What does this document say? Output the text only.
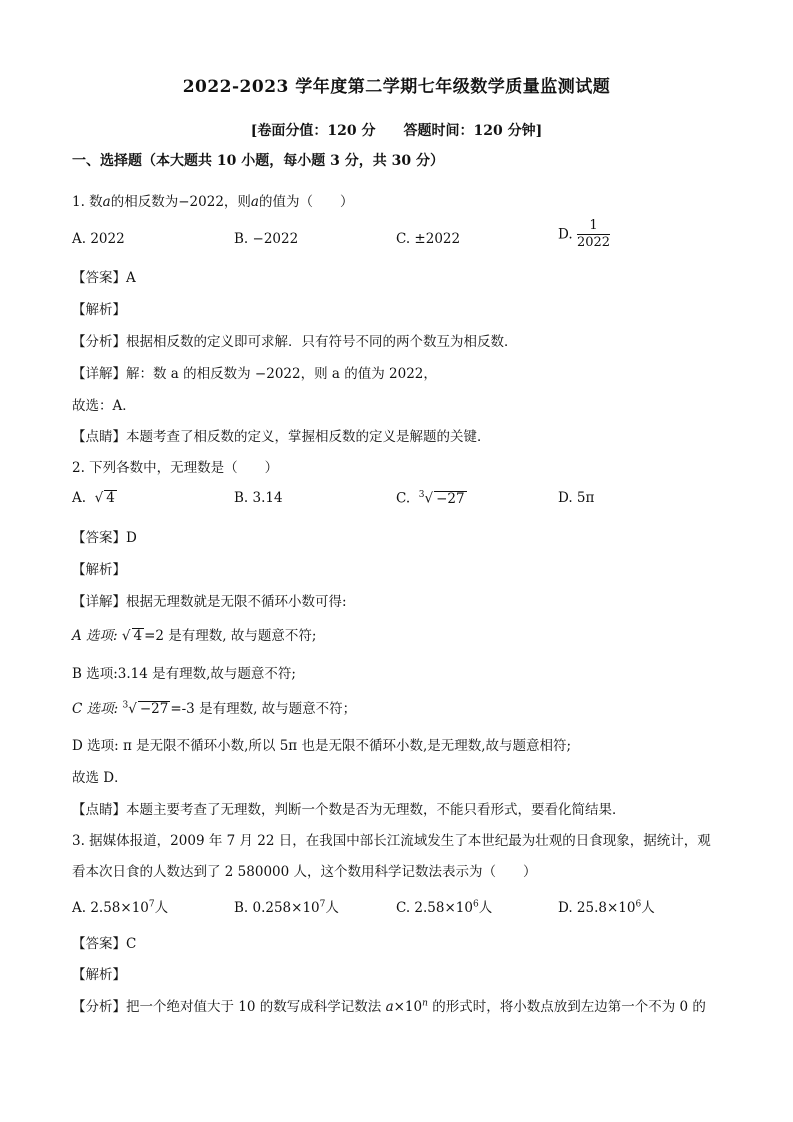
2022-2023 学年度第二学期七年级数学质量监测试题
[卷面分值：120 分　　答题时间：120 分钟]
一、选择题（本大题共 10 小题，每小题 3 分，共 30 分）
1. 数a的相反数为−2022，则a的值为（　　）
A. 2022	B. −2022	C. ±2022	D. $\frac{1}{2022}$
【答案】A
【解析】
【分析】根据相反数的定义即可求解．只有符号不同的两个数互为相反数．
【详解】解：数 a 的相反数为 −2022，则 a 的值为 2022，
故选：A．
【点睛】本题考查了相反数的定义，掌握相反数的定义是解题的关键．
2. 下列各数中，无理数是（　　）
A.  √ 4	B. 3.14	C. $^3$√ −27	D. 5π
【答案】D
【解析】
【详解】根据无理数就是无限不循环小数可得:
A 选项: √ 4 =2 是有理数, 故与题意不符;
B 选项:3.14 是有理数,故与题意不符;
C 选项: $^3$√ −27 =-3 是有理数, 故与题意不符；
D 选项: π 是无限不循环小数,所以 5π 也是无限不循环小数,是无理数,故与题意相符;
故选 D．
【点睛】本题主要考查了无理数，判断一个数是否为无理数，不能只看形式，要看化简结果．
3. 据媒体报道，2009 年 7 月 22 日，在我国中部长江流域发生了本世纪最为壮观的日食现象，据统计，观
看本次日食的人数达到了 2 580000 人，这个数用科学记数法表示为（　　）
A. $2.58\times 10^7$人	B. $0.258\times 10^7$人	C. $2.58\times 10^6$人	D. $25.8\times 10^6$人
【答案】C
【解析】
【分析】把一个绝对值大于 10 的数写成科学记数法 $a\times 10^n$ 的形式时，将小数点放到左边第一个不为 0 的
